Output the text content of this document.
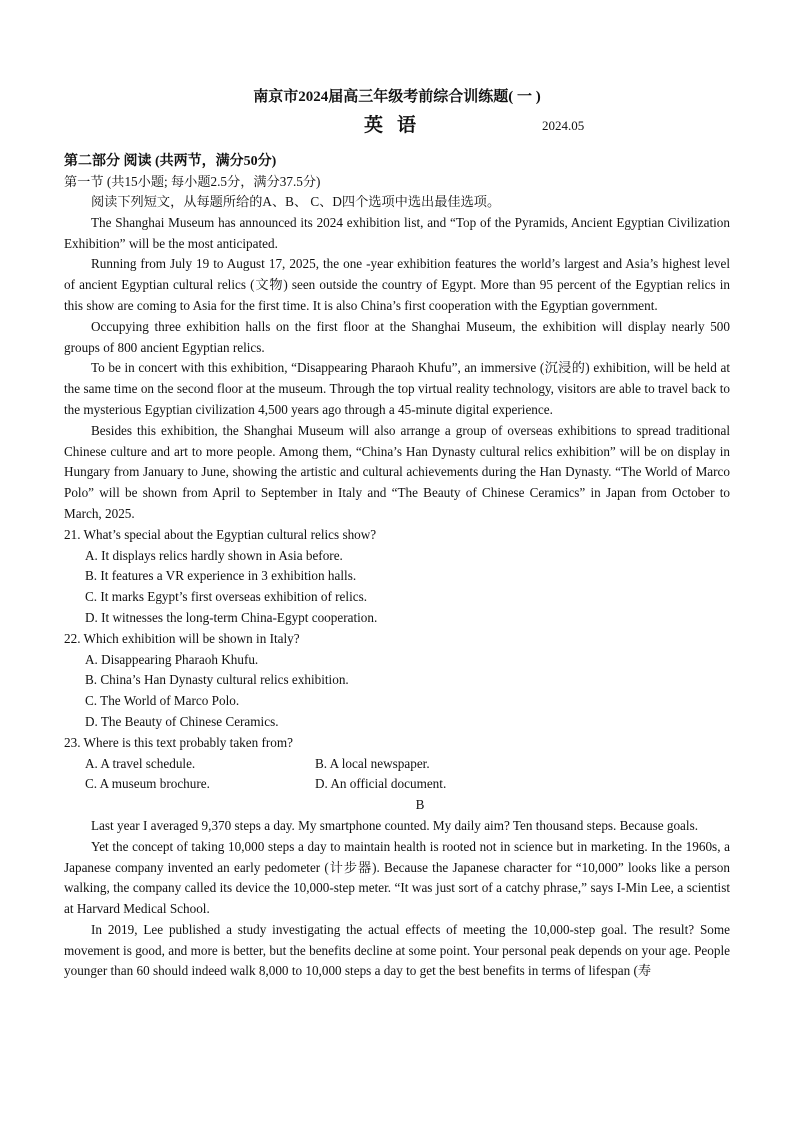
南京市2024届高三年级考前综合训练题( 一 )
英语	2024.05
第二部分 阅读 (共两节，满分50分)
第一节 (共15小题; 每小题2.5分，满分37.5分)

阅读下列短文，从每题所给的A、B、 C、D四个选项中选出最佳选项。

The Shanghai Museum has announced its 2024 exhibition list, and “Top of the Pyramids, Ancient Egyptian Civilization Exhibition” will be the most anticipated.

Running from July 19 to August 17, 2025, the one -year exhibition features the world’s largest and Asia’s highest level of ancient Egyptian cultural relics (文物) seen outside the country of Egypt. More than 95 percent of the Egyptian relics in this show are coming to Asia for the first time. It is also China’s first cooperation with the Egyptian government.

Occupying three exhibition halls on the first floor at the Shanghai Museum, the exhibition will display nearly 500 groups of 800 ancient Egyptian relics.

To be in concert with this exhibition, “Disappearing Pharaoh Khufu”, an immersive (沉浸的) exhibition, will be held at the same time on the second floor at the museum. Through the top virtual reality technology, visitors are able to travel back to the mysterious Egyptian civilization 4,500 years ago through a 45-minute digital experience.

Besides this exhibition, the Shanghai Museum will also arrange a group of overseas exhibitions to spread traditional Chinese culture and art to more people. Among them, “China’s Han Dynasty cultural relics exhibition” will be on display in Hungary from January to June, showing the artistic and cultural achievements during the Han Dynasty. “The World of Marco Polo” will be shown from April to September in Italy and “The Beauty of Chinese Ceramics” in Japan from October to March, 2025.

21. What’s special about the Egyptian cultural relics show?
A. It displays relics hardly shown in Asia before.
B. It features a VR experience in 3 exhibition halls.
C. It marks Egypt’s first overseas exhibition of relics.
D. It witnesses the long-term China-Egypt cooperation.
22. Which exhibition will be shown in Italy?
A. Disappearing Pharaoh Khufu.
B. China’s Han Dynasty cultural relics exhibition.
C. The World of Marco Polo.
D. The Beauty of Chinese Ceramics.
23. Where is this text probably taken from?
A. A travel schedule.	B. A local newspaper.
C. A museum brochure.	D. An official document.
B

Last year I averaged 9,370 steps a day. My smartphone counted. My daily aim? Ten thousand steps. Because goals.

Yet the concept of taking 10,000 steps a day to maintain health is rooted not in science but in marketing. In the 1960s, a Japanese company invented an early pedometer (计步器). Because the Japanese character for “10,000” looks like a person walking, the company called its device the 10,000-step meter. “It was just sort of a catchy phrase,” says I-Min Lee, a scientist at Harvard Medical School.

In 2019, Lee published a study investigating the actual effects of meeting the 10,000-step goal. The result? Some movement is good, and more is better, but the benefits decline at some point. Your personal peak depends on your age. People younger than 60 should indeed walk 8,000 to 10,000 steps a day to get the best benefits in terms of lifespan (寿
